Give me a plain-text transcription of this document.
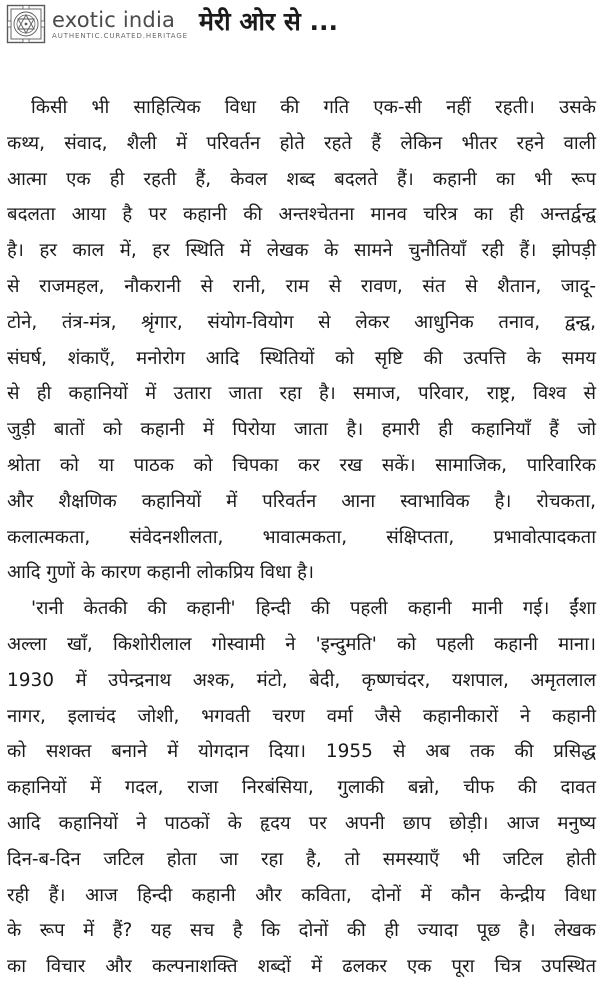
exotic india
AUTHENTIC.CURATED.HERITAGE मेरी ओर से ...
किसी भी साहित्यिक विधा की गति एक-सी नहीं रहती। उसके
कथ्य, संवाद, शैली में परिवर्तन होते रहते हैं लेकिन भीतर रहने वाली
आत्मा एक ही रहती हैं, केवल शब्द बदलते हैं। कहानी का भी रूप
बदलता आया है पर कहानी की अन्तश्चेतना मानव चरित्र का ही अन्तर्द्वन्द्व
है। हर काल में, हर स्थिति में लेखक के सामने चुनौतियाँ रही हैं। झोपड़ी
से राजमहल, नौकरानी से रानी, राम से रावण, संत से शैतान, जादू-
टोने, तंत्र-मंत्र, श्रृंगार, संयोग-वियोग से लेकर आधुनिक तनाव, द्वन्द्व,
संघर्ष, शंकाएँ, मनोरोग आदि स्थितियों को सृष्टि की उत्पत्ति के समय
से ही कहानियों में उतारा जाता रहा है। समाज, परिवार, राष्ट्र, विश्व से
जुड़ी बातों को कहानी में पिरोया जाता है। हमारी ही कहानियाँ हैं जो
श्रोता को या पाठक को चिपका कर रख सकें। सामाजिक, पारिवारिक
और शैक्षणिक कहानियों में परिवर्तन आना स्वाभाविक है। रोचकता,
कलात्मकता, संवेदनशीलता, भावात्मकता, संक्षिप्तता, प्रभावोत्पादकता
आदि गुणों के कारण कहानी लोकप्रिय विधा है।
'रानी केतकी की कहानी' हिन्दी की पहली कहानी मानी गई। ईंशा
अल्ला खाँ, किशोरीलाल गोस्वामी ने 'इन्दुमति' को पहली कहानी माना।
1930 में उपेन्द्रनाथ अश्क, मंटो, बेदी, कृष्णचंदर, यशपाल, अमृतलाल
नागर, इलाचंद जोशी, भगवती चरण वर्मा जैसे कहानीकारों ने कहानी
को सशक्त बनाने में योगदान दिया। 1955 से अब तक की प्रसिद्ध
कहानियों में गदल, राजा निरबंसिया, गुलाकी बन्नो, चीफ की दावत
आदि कहानियों ने पाठकों के हृदय पर अपनी छाप छोड़ी। आज मनुष्य
दिन-ब-दिन जटिल होता जा रहा है, तो समस्याएँ भी जटिल होती
रही हैं। आज हिन्दी कहानी और कविता, दोनों में कौन केन्द्रीय विधा
के रूप में हैं? यह सच है कि दोनों की ही ज्यादा पूछ है। लेखक
का विचार और कल्पनाशक्ति शब्दों में ढलकर एक पूरा चित्र उपस्थित
